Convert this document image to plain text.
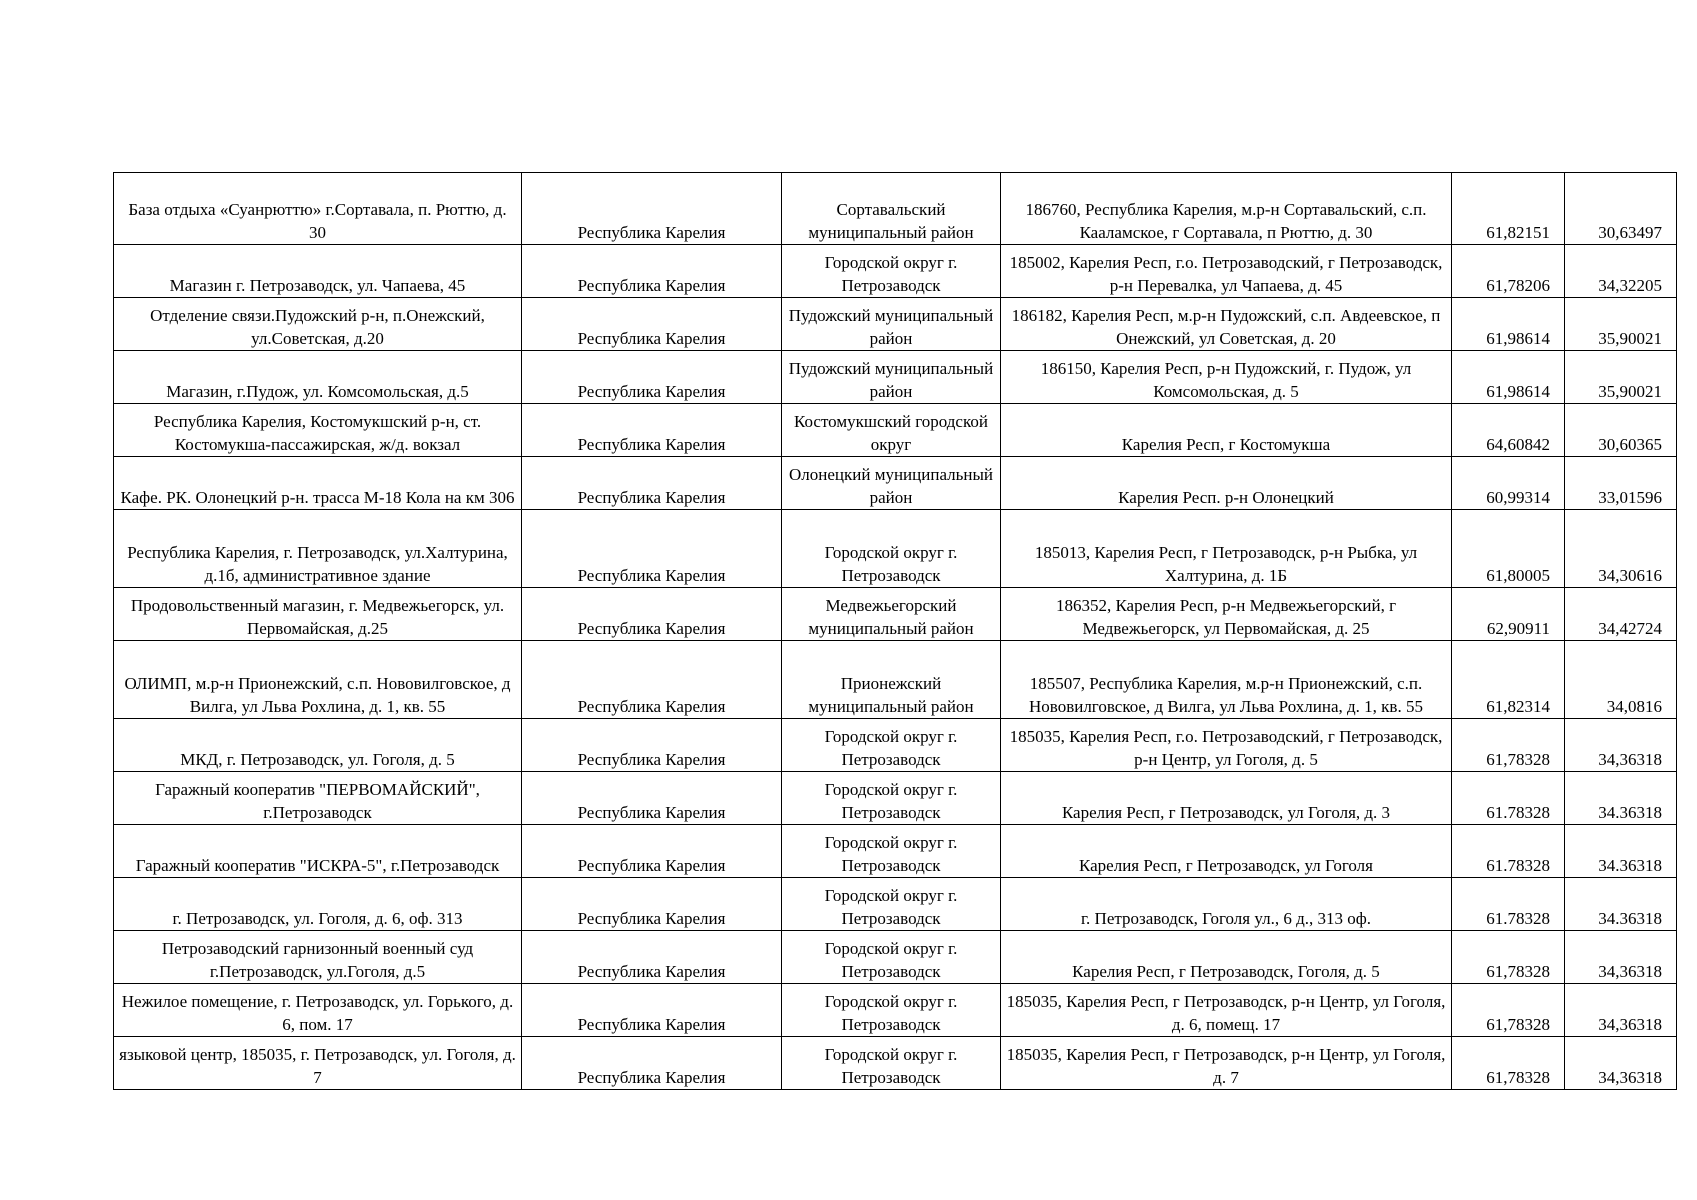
База отдыха «Суанрюттю» г.Сортавала, п. Рюттю, д. 30	Республика Карелия	Сортавальский муниципальный район	186760, Республика Карелия, м.р-н Сортавальский, с.п. Кааламское, г Сортавала, п Рюттю, д. 30	61,82151	30,63497
Магазин г. Петрозаводск, ул. Чапаева, 45	Республика Карелия	Городской округ г. Петрозаводск	185002, Карелия Респ, г.о. Петрозаводский, г Петрозаводск, р-н Перевалка, ул Чапаева, д. 45	61,78206	34,32205
Отделение связи.Пудожский р-н, п.Онежский, ул.Советская, д.20	Республика Карелия	Пудожский муниципальный район	186182, Карелия Респ, м.р-н Пудожский, с.п. Авдеевское, п Онежский, ул Советская, д. 20	61,98614	35,90021
Магазин, г.Пудож, ул. Комсомольская, д.5	Республика Карелия	Пудожский муниципальный район	186150, Карелия Респ, р-н Пудожский, г. Пудож, ул Комсомольская, д. 5	61,98614	35,90021
Республика Карелия, Костомукшский р-н, ст. Костомукша-пассажирская, ж/д. вокзал	Республика Карелия	Костомукшский городской округ	Карелия Респ, г Костомукша	64,60842	30,60365
Кафе. РК. Олонецкий р-н. трасса М-18 Кола на км 306	Республика Карелия	Олонецкий муниципальный район	Карелия Респ. р-н Олонецкий	60,99314	33,01596
Республика Карелия, г. Петрозаводск, ул.Халтурина, д.1б, административное здание	Республика Карелия	Городской округ г. Петрозаводск	185013, Карелия Респ, г Петрозаводск, р-н Рыбка, ул Халтурина, д. 1Б	61,80005	34,30616
Продовольственный магазин, г. Медвежьегорск, ул. Первомайская, д.25	Республика Карелия	Медвежьегорский муниципальный район	186352, Карелия Респ, р-н Медвежьегорский, г Медвежьегорск, ул Первомайская, д. 25	62,90911	34,42724
ОЛИМП, м.р-н Прионежский, с.п. Нововилговское, д Вилга, ул Льва Рохлина, д. 1, кв. 55	Республика Карелия	Прионежский муниципальный район	185507, Республика Карелия, м.р-н Прионежский, с.п. Нововилговское, д Вилга, ул Льва Рохлина, д. 1, кв. 55	61,82314	34,0816
МКД, г. Петрозаводск, ул. Гоголя, д. 5	Республика Карелия	Городской округ г. Петрозаводск	185035, Карелия Респ, г.о. Петрозаводский, г Петрозаводск, р-н Центр, ул Гоголя, д. 5	61,78328	34,36318
Гаражный кооператив "ПЕРВОМАЙСКИЙ", г.Петрозаводск	Республика Карелия	Городской округ г. Петрозаводск	Карелия Респ, г Петрозаводск, ул Гоголя, д. 3	61.78328	34.36318
Гаражный кооператив "ИСКРА-5", г.Петрозаводск	Республика Карелия	Городской округ г. Петрозаводск	Карелия Респ, г Петрозаводск, ул Гоголя	61.78328	34.36318
г. Петрозаводск, ул. Гоголя, д. 6, оф. 313	Республика Карелия	Городской округ г. Петрозаводск	г. Петрозаводск, Гоголя ул., 6 д., 313 оф.	61.78328	34.36318
Петрозаводский гарнизонный военный суд г.Петрозаводск, ул.Гоголя, д.5	Республика Карелия	Городской округ г. Петрозаводск	Карелия Респ, г Петрозаводск, Гоголя, д. 5	61,78328	34,36318
Нежилое помещение, г. Петрозаводск, ул. Горького, д. 6, пом. 17	Республика Карелия	Городской округ г. Петрозаводск	185035, Карелия Респ, г Петрозаводск, р-н Центр, ул Гоголя, д. 6, помещ. 17	61,78328	34,36318
языковой центр, 185035, г. Петрозаводск, ул. Гоголя, д. 7	Республика Карелия	Городской округ г. Петрозаводск	185035, Карелия Респ, г Петрозаводск, р-н Центр, ул Гоголя, д. 7	61,78328	34,36318
